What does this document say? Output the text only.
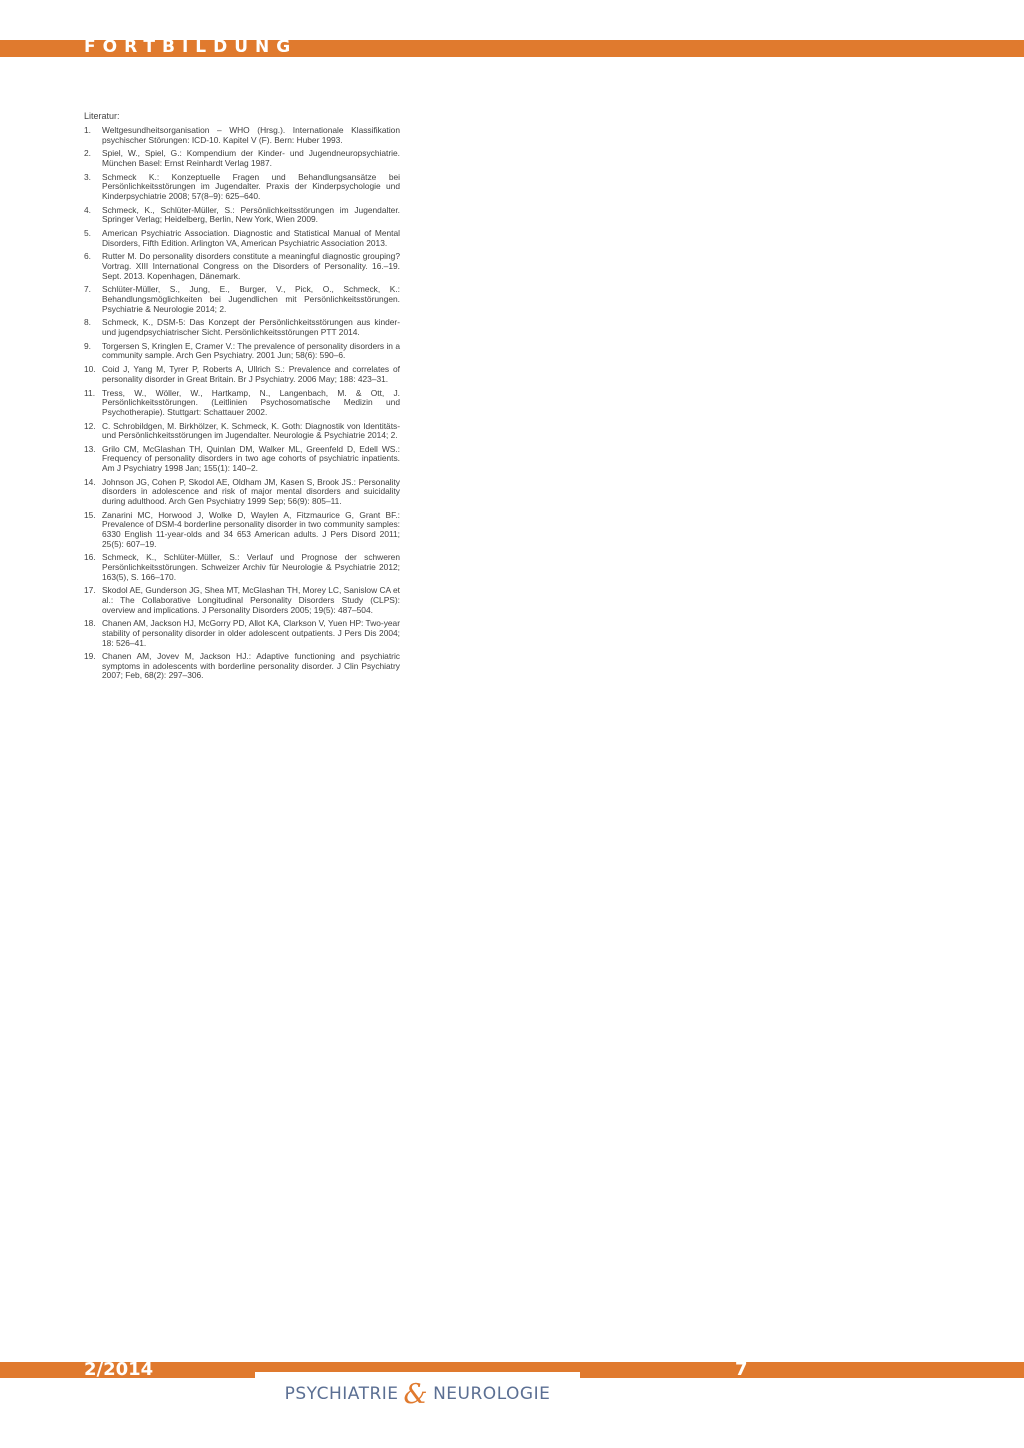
FORTBILDUNG
Literatur:
1.	Weltgesundheitsorganisation – WHO (Hrsg.). Internationale Klassifikation psychischer Störungen: ICD-10. Kapitel V (F). Bern: Huber 1993.
2.	Spiel, W., Spiel, G.: Kompendium der Kinder- und Jugendneuropsychiatrie. München Basel: Ernst Reinhardt Verlag 1987.
3.	Schmeck K.: Konzeptuelle Fragen und Behandlungsansätze bei Persönlichkeitsstörungen im Jugendalter. Praxis der Kinderpsychologie und Kinderpsychiatrie 2008; 57(8–9): 625–640.
4.	Schmeck, K., Schlüter-Müller, S.: Persönlichkeitsstörungen im Jugendalter. Springer Verlag; Heidelberg, Berlin, New York, Wien 2009.
5.	American Psychiatric Association. Diagnostic and Statistical Manual of Mental Disorders, Fifth Edition. Arlington VA, American Psychiatric Association 2013.
6.	Rutter M. Do personality disorders constitute a meaningful diagnostic grouping? Vortrag. XIII International Congress on the Disorders of Personality. 16.–19. Sept. 2013. Kopenhagen, Dänemark.
7.	Schlüter-Müller, S., Jung, E., Burger, V., Pick, O., Schmeck, K.: Behandlungsmöglichkeiten bei Jugendlichen mit Persönlichkeitsstörungen. Psychiatrie & Neurologie 2014; 2.
8.	Schmeck, K., DSM-5: Das Konzept der Persönlichkeitsstörungen aus kinder- und jugendpsychiatrischer Sicht. Persönlichkeitsstörungen PTT 2014.
9.	Torgersen S, Kringlen E, Cramer V.: The prevalence of personality disorders in a community sample. Arch Gen Psychiatry. 2001 Jun; 58(6): 590–6.
10. Coid J, Yang M, Tyrer P, Roberts A, Ullrich S.: Prevalence and correlates of personality disorder in Great Britain. Br J Psychiatry. 2006 May; 188: 423–31.
11. Tress, W., Wöller, W., Hartkamp, N., Langenbach, M. & Ott, J. Persönlichkeitsstörungen. (Leitlinien Psychosomatische Medizin und Psychotherapie). Stuttgart: Schattauer 2002.
12. C. Schrobildgen, M. Birkhölzer, K. Schmeck, K. Goth: Diagnostik von Identitäts- und Persönlichkeitsstörungen im Jugendalter. Neurologie & Psychiatrie 2014; 2.
13. Grilo CM, McGlashan TH, Quinlan DM, Walker ML, Greenfeld D, Edell WS.: Frequency of personality disorders in two age cohorts of psychiatric inpatients. Am J Psychiatry 1998 Jan; 155(1): 140–2.
14. Johnson JG, Cohen P, Skodol AE, Oldham JM, Kasen S, Brook JS.: Personality disorders in adolescence and risk of major mental disorders and suicidality during adulthood. Arch Gen Psychiatry 1999 Sep; 56(9): 805–11.
15. Zanarini MC, Horwood J, Wolke D, Waylen A, Fitzmaurice G, Grant BF.: Prevalence of DSM-4 borderline personality disorder in two community samples: 6330 English 11-year-olds and 34 653 American adults. J Pers Disord 2011; 25(5): 607–19.
16. Schmeck, K., Schlüter-Müller, S.: Verlauf und Prognose der schweren Persönlichkeitsstörungen. Schweizer Archiv für Neurologie & Psychiatrie 2012; 163(5), S. 166–170.
17. Skodol AE, Gunderson JG, Shea MT, McGlashan TH, Morey LC, Sanislow CA et al.: The Collaborative Longitudinal Personality Disorders Study (CLPS): overview and implications. J Personality Disorders 2005; 19(5): 487–504.
18. Chanen AM, Jackson HJ, McGorry PD, Allot KA, Clarkson V, Yuen HP: Two-year stability of personality disorder in older adolescent outpatients. J Pers Dis 2004; 18: 526–41.
19. Chanen AM, Jovev M, Jackson HJ.: Adaptive functioning and psychiatric symptoms in adolescents with borderline personality disorder. J Clin Psychiatry 2007; Feb, 68(2): 297–306.
2/2014	7
PSYCHIATRIE & NEUROLOGIE
